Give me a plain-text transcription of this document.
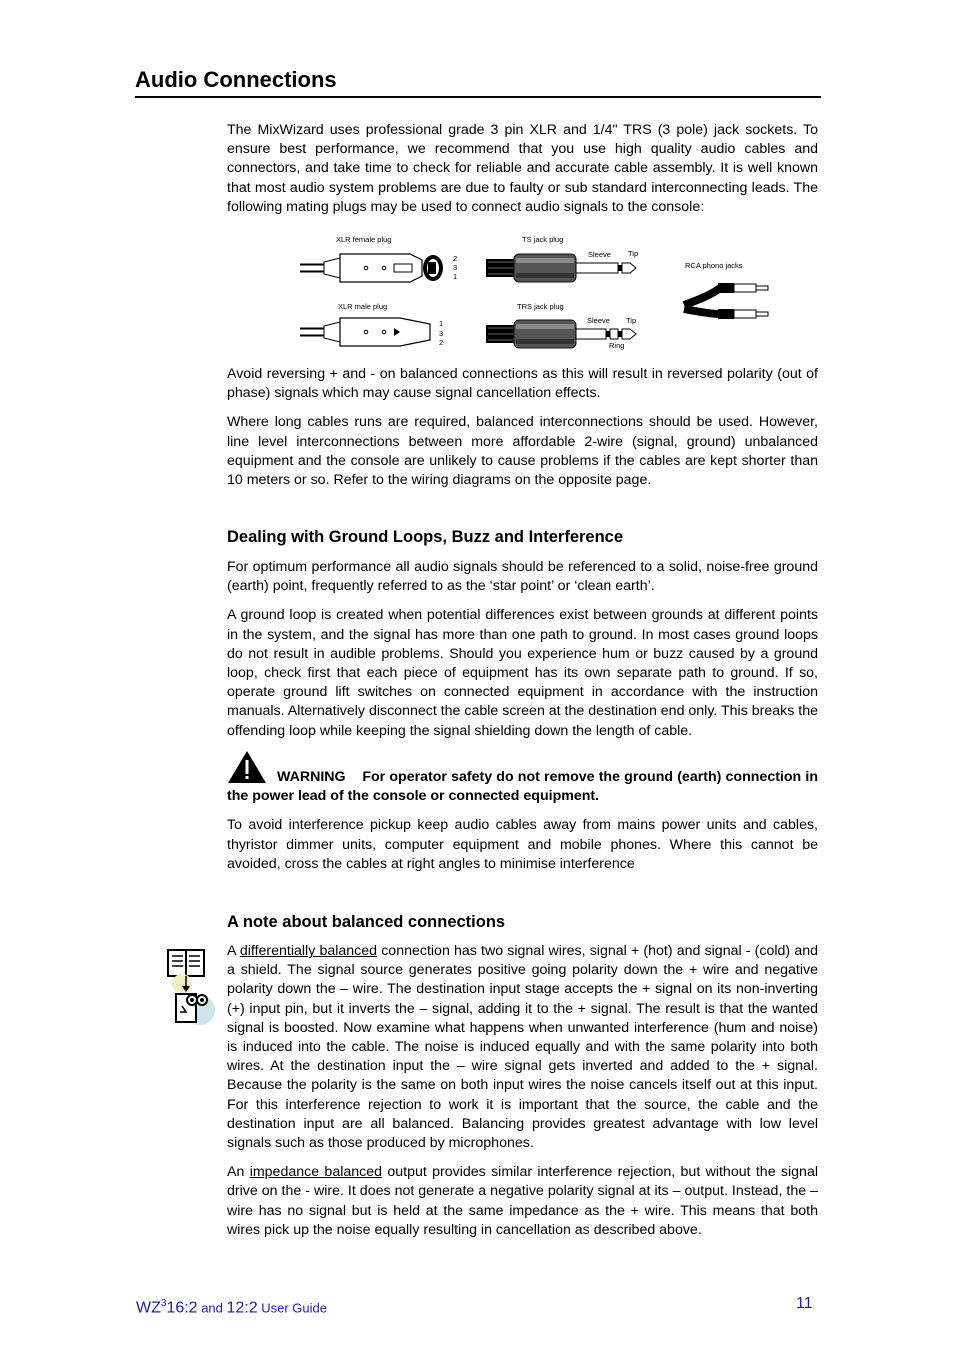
Audio Connections

The MixWizard uses professional grade 3 pin XLR and 1/4" TRS (3 pole) jack sockets. To ensure best performance, we recommend that you use high quality audio cables and connectors, and take time to check for reliable and accurate cable assembly. It is well known that most audio system problems are due to faulty or sub standard interconnecting leads. The following mating plugs may be used to connect audio signals to the console:

XLR female plug
2
3
1
XLR male plug
1
3
2
TS jack plug
Sleeve Tip
TRS jack plug
Sleeve Tip
Ring
RCA phono jacks

Avoid reversing + and - on balanced connections as this will result in reversed polarity (out of phase) signals which may cause signal cancellation effects.

Where long cables runs are required, balanced interconnections should be used. However, line level interconnections between more affordable 2-wire (signal, ground) unbalanced equipment and the console are unlikely to cause problems if the cables are kept shorter than 10 meters or so. Refer to the wiring diagrams on the opposite page.

Dealing with Ground Loops, Buzz and Interference

For optimum performance all audio signals should be referenced to a solid, noise-free ground (earth) point, frequently referred to as the ‘star point’ or ‘clean earth’.

A ground loop is created when potential differences exist between grounds at different points in the system, and the signal has more than one path to ground. In most cases ground loops do not result in audible problems. Should you experience hum or buzz caused by a ground loop, check first that each piece of equipment has its own separate path to ground. If so, operate ground lift switches on connected equipment in accordance with the instruction manuals. Alternatively disconnect the cable screen at the destination end only. This breaks the offending loop while keeping the signal shielding down the length of cable.

WARNING For operator safety do not remove the ground (earth) connection in the power lead of the console or connected equipment.

To avoid interference pickup keep audio cables away from mains power units and cables, thyristor dimmer units, computer equipment and mobile phones. Where this cannot be avoided, cross the cables at right angles to minimise interference

A note about balanced connections

A differentially balanced connection has two signal wires, signal + (hot) and signal - (cold) and a shield. The signal source generates positive going polarity down the + wire and negative polarity down the – wire. The destination input stage accepts the + signal on its non-inverting (+) input pin, but it inverts the – signal, adding it to the + signal. The result is that the wanted signal is boosted. Now examine what happens when unwanted interference (hum and noise) is induced into the cable. The noise is induced equally and with the same polarity into both wires. At the destination input the – wire signal gets inverted and added to the + signal. Because the polarity is the same on both input wires the noise cancels itself out at this input. For this interference rejection to work it is important that the source, the cable and the destination input are all balanced. Balancing provides greatest advantage with low level signals such as those produced by microphones.

An impedance balanced output provides similar interference rejection, but without the signal drive on the - wire. It does not generate a negative polarity signal at its – output. Instead, the – wire has no signal but is held at the same impedance as the + wire. This means that both wires pick up the noise equally resulting in cancellation as described above.

$WZ^316:2$ and 12:2 User Guide	11
